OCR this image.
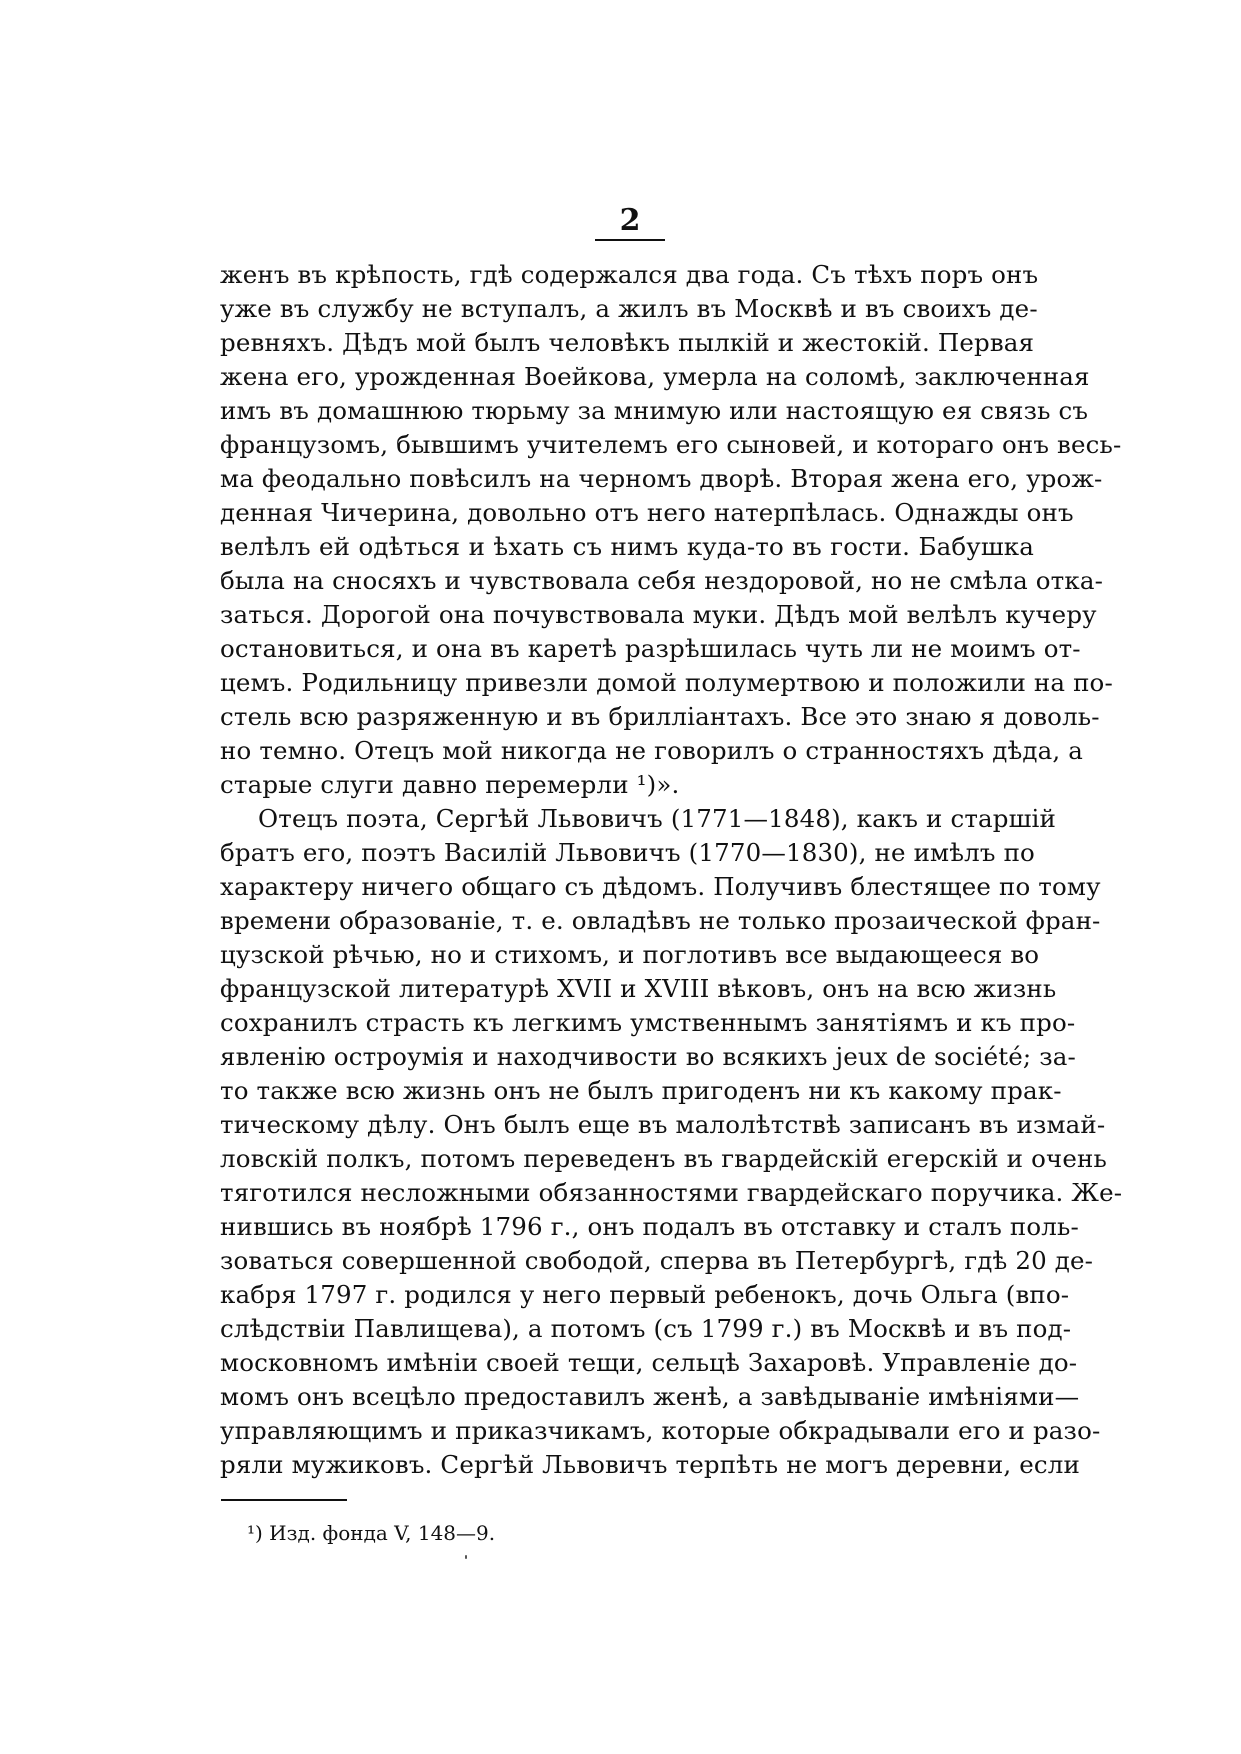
2
женъ въ крѣпость, гдѣ содержался два года. Съ тѣхъ поръ онъ
уже въ службу не вступалъ, а жилъ въ Москвѣ и въ своихъ де-
ревняхъ. Дѣдъ мой былъ человѣкъ пылкій и жестокій. Первая
жена его, урожденная Воейкова, умерла на соломѣ, заключенная
имъ въ домашнюю тюрьму за мнимую или настоящую ея связь съ
французомъ, бывшимъ учителемъ его сыновей, и котораго онъ весь-
ма феодально повѣсилъ на черномъ дворѣ. Вторая жена его, урож-
денная Чичерина, довольно отъ него натерпѣлась. Однажды онъ
велѣлъ ей одѣться и ѣхать съ нимъ куда-то въ гости. Бабушка
была на сносяхъ и чувствовала себя нездоровой, но не смѣла отка-
заться. Дорогой она почувствовала муки. Дѣдъ мой велѣлъ кучеру
остановиться, и она въ каретѣ разрѣшилась чуть ли не моимъ от-
цемъ. Родильницу привезли домой полумертвою и положили на по-
стель всю разряженную и въ бриллiантахъ. Все это знаю я доволь-
но темно. Отецъ мой никогда не говорилъ о странностяхъ дѣда, а
старые слуги давно перемерли ¹)».
Отецъ поэта, Сергѣй Львовичъ (1771—1848), какъ и старшій
братъ его, поэтъ Василій Львовичъ (1770—1830), не имѣлъ по
характеру ничего общаго съ дѣдомъ. Получивъ блестящее по тому
времени образованіе, т. е. овладѣвъ не только прозаической фран-
цузской рѣчью, но и стихомъ, и поглотивъ все выдающееся во
французской литературѣ XVII и XVIII вѣковъ, онъ на всю жизнь
сохранилъ страсть къ легкимъ умственнымъ занятіямъ и къ про-
явленію остроумія и находчивости во всякихъ jeux de société; за-
то также всю жизнь онъ не былъ пригоденъ ни къ какому прак-
тическому дѣлу. Онъ былъ еще въ малолѣтствѣ записанъ въ измай-
ловскій полкъ, потомъ переведенъ въ гвардейскій егерскій и очень
тяготился несложными обязанностями гвардейскаго поручика. Же-
нившись въ ноябрѣ 1796 г., онъ подалъ въ отставку и сталъ поль-
зоваться совершенной свободой, сперва въ Петербургѣ, гдѣ 20 де-
кабря 1797 г. родился у него первый ребенокъ, дочь Ольга (впо-
слѣдствіи Павлищева), а потомъ (съ 1799 г.) въ Москвѣ и въ под-
московномъ имѣніи своей тещи, сельцѣ Захаровѣ. Управленіе до-
момъ онъ всецѣло предоставилъ женѣ, а завѣдываніе имѣніями—
управляющимъ и приказчикамъ, которые обкрадывали его и разо-
ряли мужиковъ. Сергѣй Львовичъ терпѣть не могъ деревни, если
¹) Изд. фонда V, 148—9.
